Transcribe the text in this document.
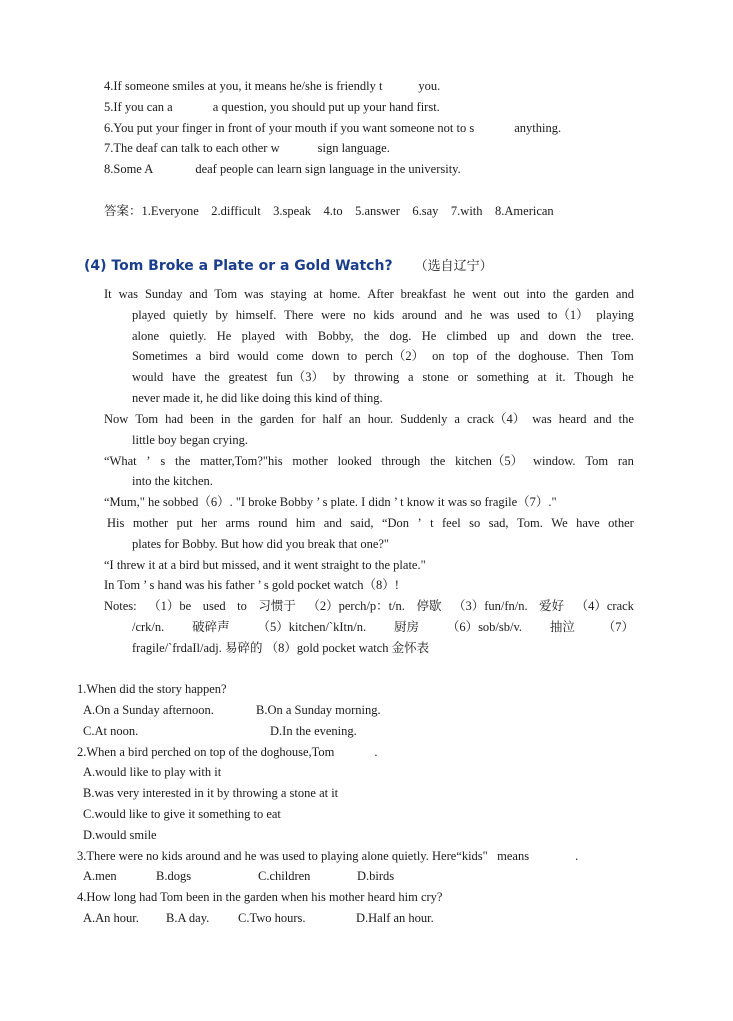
4.If someone smiles at you, it means he/she is friendly t	you.
5.If you can a	a question, you should put up your hand first.
6.You put your finger in front of your mouth if you want someone not to s	anything.
7.The deaf can talk to each other w	sign language.
8.Some A	deaf people can learn sign language in the university.
答案：1.Everyone    2.difficult    3.speak    4.to    5.answer    6.say    7.with    8.American
(4) Tom Broke a Plate or a Gold Watch? （选自辽宁）
It was Sunday and Tom was staying at home. After breakfast he went out into the garden and
played quietly by himself. There were no kids around and he was used to（1） playing
alone quietly. He played with Bobby, the dog. He climbed up and down the tree.
Sometimes a bird would come down to perch（2） on top of the doghouse. Then Tom
would have the greatest fun（3） by throwing a stone or something at it. Though he
never made it, he did like doing this kind of thing.
Now Tom had been in the garden for half an hour. Suddenly a crack（4） was heard and the
little boy began crying.
“What ’ s the matter,Tom?"his mother looked through the kitchen（5） window. Tom ran
into the kitchen.
“Mum," he sobbed（6）. "I broke Bobby ’ s plate. I didn ’ t know it was so fragile（7）."
His mother put her arms round him and said, “Don ’ t feel so sad, Tom. We have other
plates for Bobby. But how did you break that one?"
“I threw it at a bird but missed, and it went straight to the plate."
In Tom ’ s hand was his father ’ s gold pocket watch（8）!
Notes: （1）be used to 习惯于 （2）perch/p：t/n. 停歇 （3）fun/fn/n. 爱好 （4）crack
/crk/n. 破碎声 （5）kitchen/`kItn/n. 厨房 （6）sob/sb/v. 抽泣 （7）
fragile/`frdaIl/adj. 易碎的 （8）gold pocket watch 金怀表
1.When did the story happen?
A.On a Sunday afternoon.	B.On a Sunday morning.
C.At noon.	D.In the evening.
2.When a bird perched on top of the doghouse,Tom	.
A.would like to play with it
B.was very interested in it by throwing a stone at it
C.would like to give it something to eat
D.would smile
3.There were no kids around and he was used to playing alone quietly. Here“kids"   means	.
A.men	B.dogs	C.children	D.birds
4.How long had Tom been in the garden when his mother heard him cry?
A.An hour. B.A day. C.Two hours.	D.Half an hour.
